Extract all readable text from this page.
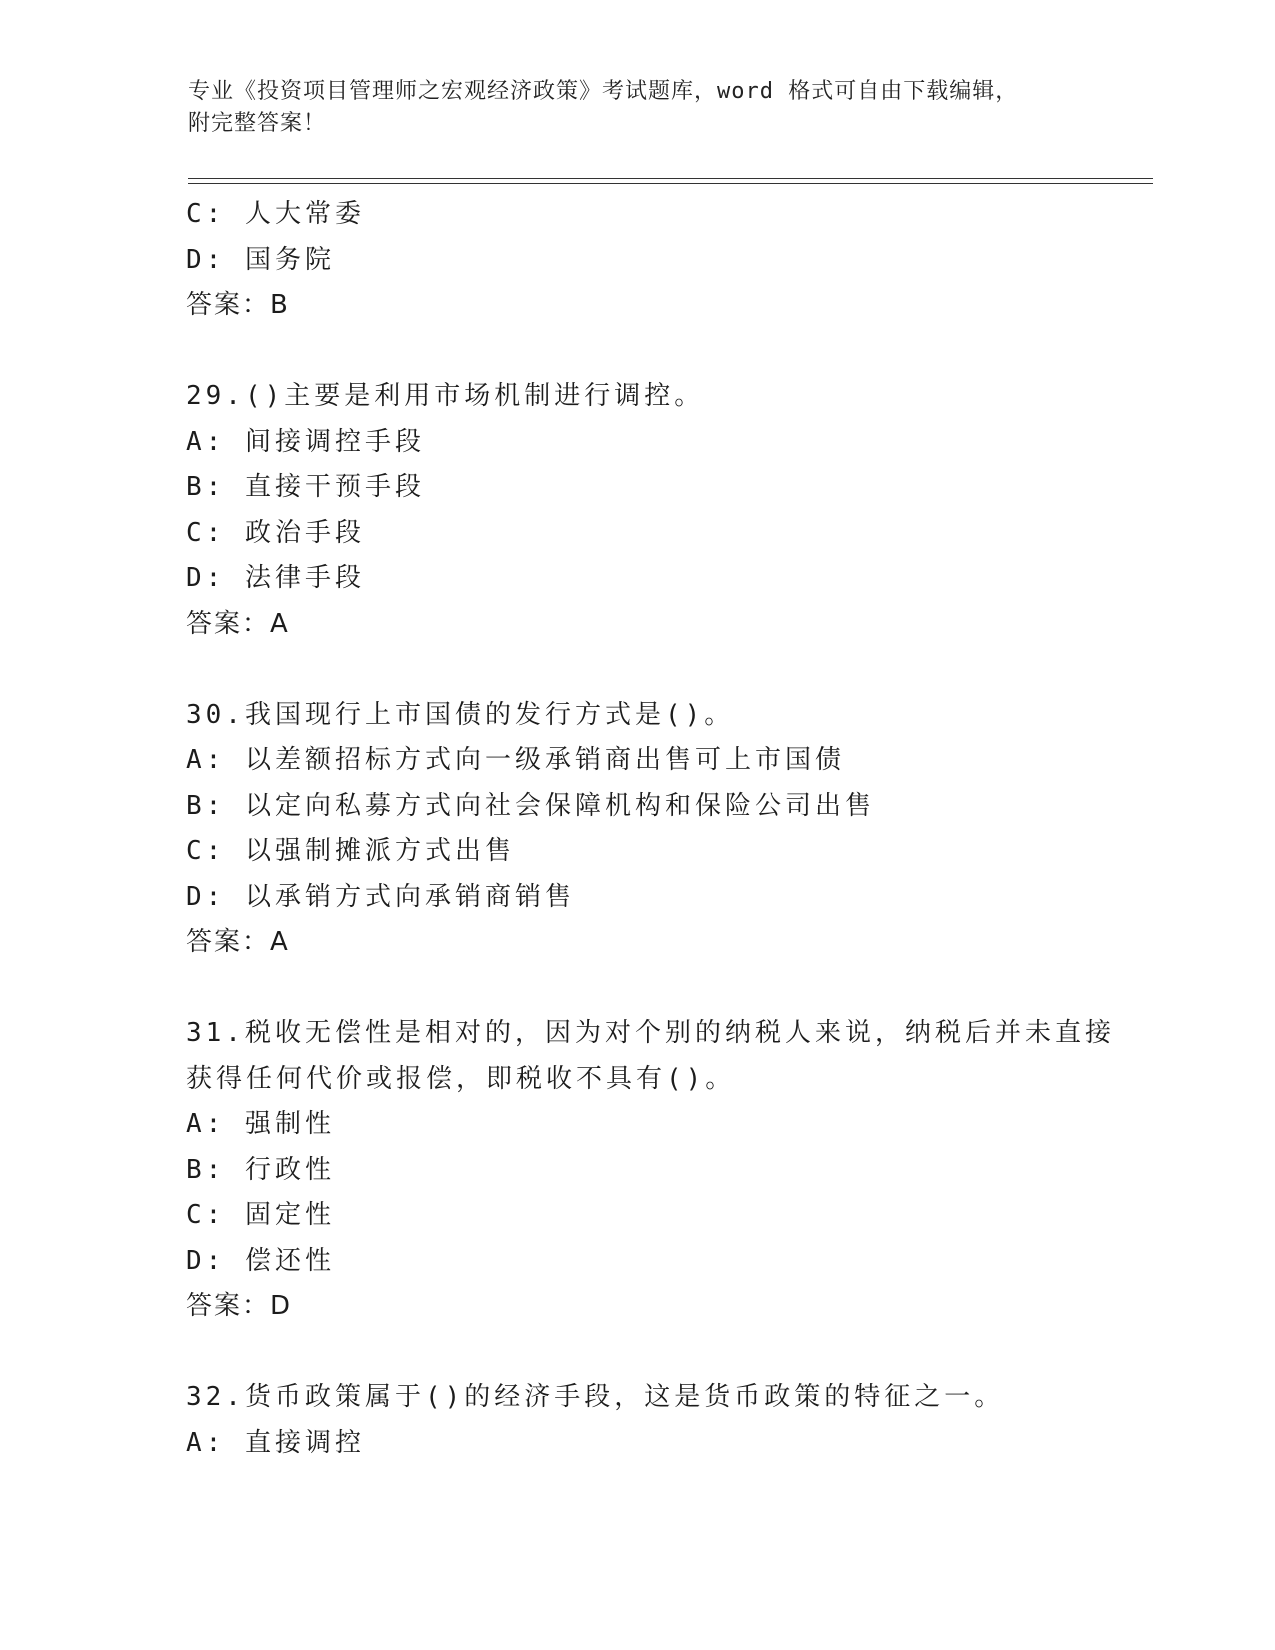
专业《投资项目管理师之宏观经济政策》考试题库，word 格式可自由下载编辑，
附完整答案！
C: 人大常委
D: 国务院
答案：B
29.()主要是利用市场机制进行调控。
A: 间接调控手段
B: 直接干预手段
C: 政治手段
D: 法律手段
答案：A
30.我国现行上市国债的发行方式是()。
A: 以差额招标方式向一级承销商出售可上市国债
B: 以定向私募方式向社会保障机构和保险公司出售
C: 以强制摊派方式出售
D: 以承销方式向承销商销售
答案：A
31.税收无偿性是相对的，因为对个别的纳税人来说，纳税后并未直接
获得任何代价或报偿，即税收不具有()。
A: 强制性
B: 行政性
C: 固定性
D: 偿还性
答案：D
32.货币政策属于()的经济手段，这是货币政策的特征之一。
A: 直接调控
